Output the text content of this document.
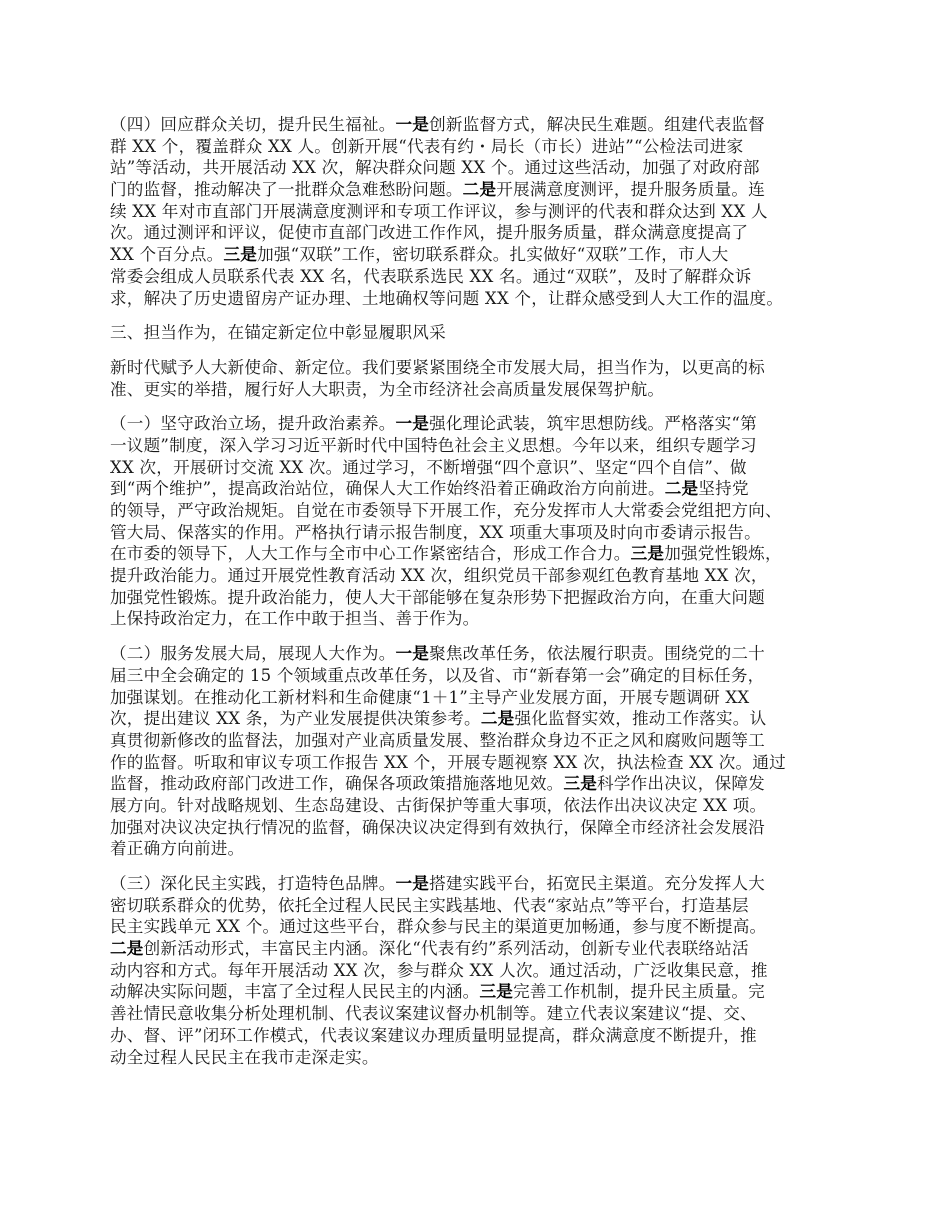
（四）回应群众关切，提升民生福祉。一是创新监督方式，解决民生难题。组建代表监督
群 XX 个，覆盖群众 XX 人。创新开展“代表有约・局长（市长）进站”“公检法司进家
站”等活动，共开展活动 XX 次，解决群众问题 XX 个。通过这些活动，加强了对政府部
门的监督，推动解决了一批群众急难愁盼问题。二是开展满意度测评，提升服务质量。连
续 XX 年对市直部门开展满意度测评和专项工作评议，参与测评的代表和群众达到 XX 人
次。通过测评和评议，促使市直部门改进工作作风，提升服务质量，群众满意度提高了
XX 个百分点。三是加强“双联”工作，密切联系群众。扎实做好“双联”工作，市人大
常委会组成人员联系代表 XX 名，代表联系选民 XX 名。通过“双联”，及时了解群众诉
求，解决了历史遗留房产证办理、土地确权等问题 XX 个，让群众感受到人大工作的温度。
三、担当作为，在锚定新定位中彰显履职风采
新时代赋予人大新使命、新定位。我们要紧紧围绕全市发展大局，担当作为，以更高的标
准、更实的举措，履行好人大职责，为全市经济社会高质量发展保驾护航。
（一）坚守政治立场，提升政治素养。一是强化理论武装，筑牢思想防线。严格落实“第
一议题”制度，深入学习习近平新时代中国特色社会主义思想。今年以来，组织专题学习
XX 次，开展研讨交流 XX 次。通过学习，不断增强“四个意识”、坚定“四个自信”、做
到“两个维护”，提高政治站位，确保人大工作始终沿着正确政治方向前进。二是坚持党
的领导，严守政治规矩。自觉在市委领导下开展工作，充分发挥市人大常委会党组把方向、
管大局、保落实的作用。严格执行请示报告制度，XX 项重大事项及时向市委请示报告。
在市委的领导下，人大工作与全市中心工作紧密结合，形成工作合力。三是加强党性锻炼，
提升政治能力。通过开展党性教育活动 XX 次，组织党员干部参观红色教育基地 XX 次，
加强党性锻炼。提升政治能力，使人大干部能够在复杂形势下把握政治方向，在重大问题
上保持政治定力，在工作中敢于担当、善于作为。
（二）服务发展大局，展现人大作为。一是聚焦改革任务，依法履行职责。围绕党的二十
届三中全会确定的 15 个领域重点改革任务，以及省、市“新春第一会”确定的目标任务，
加强谋划。在推动化工新材料和生命健康“1＋1”主导产业发展方面，开展专题调研 XX
次，提出建议 XX 条，为产业发展提供决策参考。二是强化监督实效，推动工作落实。认
真贯彻新修改的监督法，加强对产业高质量发展、整治群众身边不正之风和腐败问题等工
作的监督。听取和审议专项工作报告 XX 个，开展专题视察 XX 次，执法检查 XX 次。通过
监督，推动政府部门改进工作，确保各项政策措施落地见效。三是科学作出决议，保障发
展方向。针对战略规划、生态岛建设、古街保护等重大事项，依法作出决议决定 XX 项。
加强对决议决定执行情况的监督，确保决议决定得到有效执行，保障全市经济社会发展沿
着正确方向前进。
（三）深化民主实践，打造特色品牌。一是搭建实践平台，拓宽民主渠道。充分发挥人大
密切联系群众的优势，依托全过程人民民主实践基地、代表“家站点”等平台，打造基层
民主实践单元 XX 个。通过这些平台，群众参与民主的渠道更加畅通，参与度不断提高。
二是创新活动形式，丰富民主内涵。深化“代表有约”系列活动，创新专业代表联络站活
动内容和方式。每年开展活动 XX 次，参与群众 XX 人次。通过活动，广泛收集民意，推
动解决实际问题，丰富了全过程人民民主的内涵。三是完善工作机制，提升民主质量。完
善社情民意收集分析处理机制、代表议案建议督办机制等。建立代表议案建议“提、交、
办、督、评”闭环工作模式，代表议案建议办理质量明显提高，群众满意度不断提升，推
动全过程人民民主在我市走深走实。
